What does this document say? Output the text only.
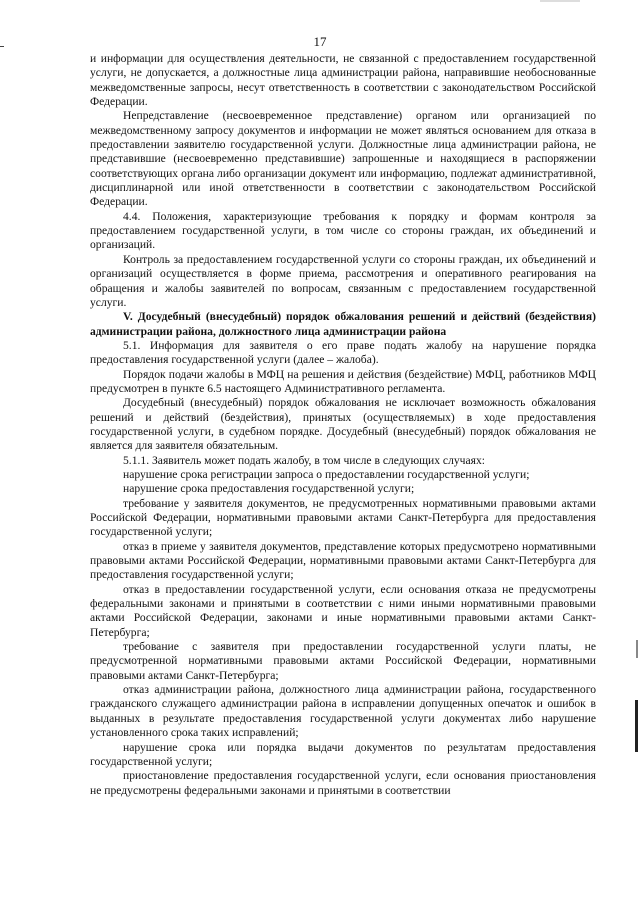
17

и информации для осуществления деятельности, не связанной с предоставлением государственной услуги, не допускается, а должностные лица администрации района, направившие необоснованные межведомственные запросы, несут ответственность в соответствии с законодательством Российской Федерации.

Непредставление (несвоевременное представление) органом или организацией по межведомственному запросу документов и информации не может являться основанием для отказа в предоставлении заявителю государственной услуги. Должностные лица администрации района, не представившие (несвоевременно представившие) запрошенные и находящиеся в распоряжении соответствующих органа либо организации документ или информацию, подлежат административной, дисциплинарной или иной ответственности в соответствии с законодательством Российской Федерации.

4.4. Положения, характеризующие требования к порядку и формам контроля за предоставлением государственной услуги, в том числе со стороны граждан, их объединений и организаций.

Контроль за предоставлением государственной услуги со стороны граждан, их объединений и организаций осуществляется в форме приема, рассмотрения и оперативного реагирования на обращения и жалобы заявителей по вопросам, связанным с предоставлением государственной услуги.

V. Досудебный (внесудебный) порядок обжалования решений и действий (бездействия) администрации района, должностного лица администрации района

5.1. Информация для заявителя о его праве подать жалобу на нарушение порядка предоставления государственной услуги (далее – жалоба).

Порядок подачи жалобы в МФЦ на решения и действия (бездействие) МФЦ, работников МФЦ предусмотрен в пункте 6.5 настоящего Административного регламента.

Досудебный (внесудебный) порядок обжалования не исключает возможность обжалования решений и действий (бездействия), принятых (осуществляемых) в ходе предоставления государственной услуги, в судебном порядке. Досудебный (внесудебный) порядок обжалования не является для заявителя обязательным.

5.1.1. Заявитель может подать жалобу, в том числе в следующих случаях:

нарушение срока регистрации запроса о предоставлении государственной услуги;

нарушение срока предоставления государственной услуги;

требование у заявителя документов, не предусмотренных нормативными правовыми актами Российской Федерации, нормативными правовыми актами Санкт-Петербурга для предоставления государственной услуги;

отказ в приеме у заявителя документов, представление которых предусмотрено нормативными правовыми актами Российской Федерации, нормативными правовыми актами Санкт-Петербурга для предоставления государственной услуги;

отказ в предоставлении государственной услуги, если основания отказа не предусмотрены федеральными законами и принятыми в соответствии с ними иными нормативными правовыми актами Российской Федерации, законами и иные нормативными правовыми актами Санкт-Петербурга;

требование с заявителя при предоставлении государственной услуги платы, не предусмотренной нормативными правовыми актами Российской Федерации, нормативными правовыми актами Санкт-Петербурга;

отказ администрации района, должностного лица администрации района, государственного гражданского служащего администрации района в исправлении допущенных опечаток и ошибок в выданных в результате предоставления государственной услуги документах либо нарушение установленного срока таких исправлений;

нарушение срока или порядка выдачи документов по результатам предоставления государственной услуги;

приостановление предоставления государственной услуги, если основания приостановления не предусмотрены федеральными законами и принятыми в соответствии
